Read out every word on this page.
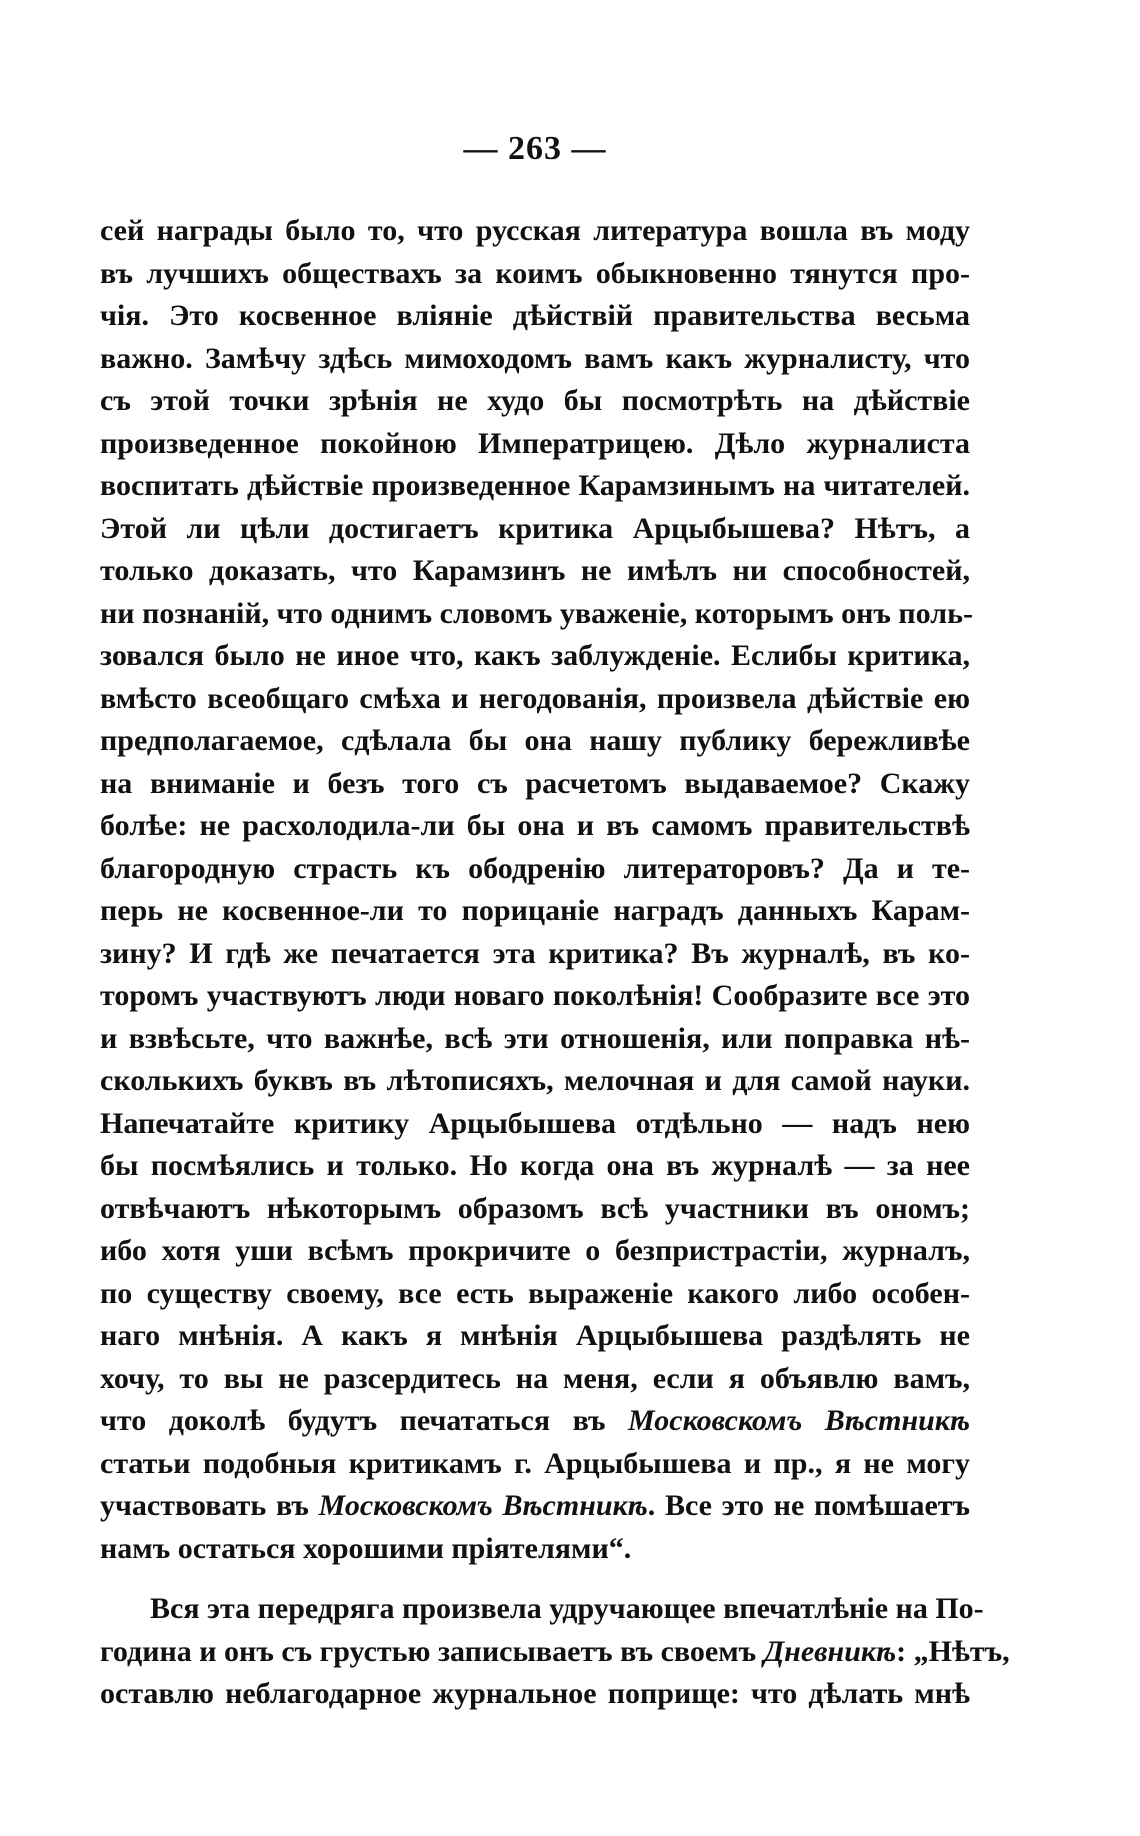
— 263 —
сей награды было то, что русская литература вошла въ моду
въ лучшихъ обществахъ за коимъ обыкновенно тянутся про-
чія. Это косвенное вліяніе дѣйствій правительства весьма
важно. Замѣчу здѣсь мимоходомъ вамъ какъ журналисту, что
съ этой точки зрѣнія не худо бы посмотрѣть на дѣйствіе
произведенное покойною Императрицею. Дѣло журналиста
воспитать дѣйствіе произведенное Карамзинымъ на читателей.
Этой ли цѣли достигаетъ критика Арцыбышева? Нѣтъ, а
только доказать, что Карамзинъ не имѣлъ ни способностей,
ни познаній, что однимъ словомъ уваженіе, которымъ онъ поль-
зовался было не иное что, какъ заблужденіе. Еслибы критика,
вмѣсто всеобщаго смѣха и негодованія, произвела дѣйствіе ею
предполагаемое, сдѣлала бы она нашу публику бережливѣе
на вниманіе и безъ того съ расчетомъ выдаваемое? Скажу
болѣе: не расхолодила-ли бы она и въ самомъ правительствѣ
благородную страсть къ ободренію литераторовъ? Да и те-
перь не косвенное-ли то порицаніе наградъ данныхъ Карам-
зину? И гдѣ же печатается эта критика? Въ журналѣ, въ ко-
торомъ участвуютъ люди новаго поколѣнія! Сообразите все это
и взвѣсьте, что важнѣе, всѣ эти отношенія, или поправка нѣ-
сколькихъ буквъ въ лѣтописяхъ, мелочная и для самой науки.
Напечатайте критику Арцыбышева отдѣльно — надъ нею
бы посмѣялись и только. Но когда она въ журналѣ — за нее
отвѣчаютъ нѣкоторымъ образомъ всѣ участники въ ономъ;
ибо хотя уши всѣмъ прокричите о безпристрастіи, журналъ,
по существу своему, все есть выраженіе какого либо особен-
наго мнѣнія. А какъ я мнѣнія Арцыбышева раздѣлять не
хочу, то вы не разсердитесь на меня, если я объявлю вамъ,
что доколѣ будутъ печататься въ Московскомъ Вѣстникѣ
статьи подобныя критикамъ г. Арцыбышева и пр., я не могу
участвовать въ Московскомъ Вѣстникѣ. Все это не помѣшаетъ
намъ остаться хорошими пріятелями“.
Вся эта передряга произвела удручающее впечатлѣніе на По-
година и онъ съ грустью записываетъ въ своемъ Дневникѣ: „Нѣтъ,
оставлю неблагодарное журнальное поприще: что дѣлать мнѣ
